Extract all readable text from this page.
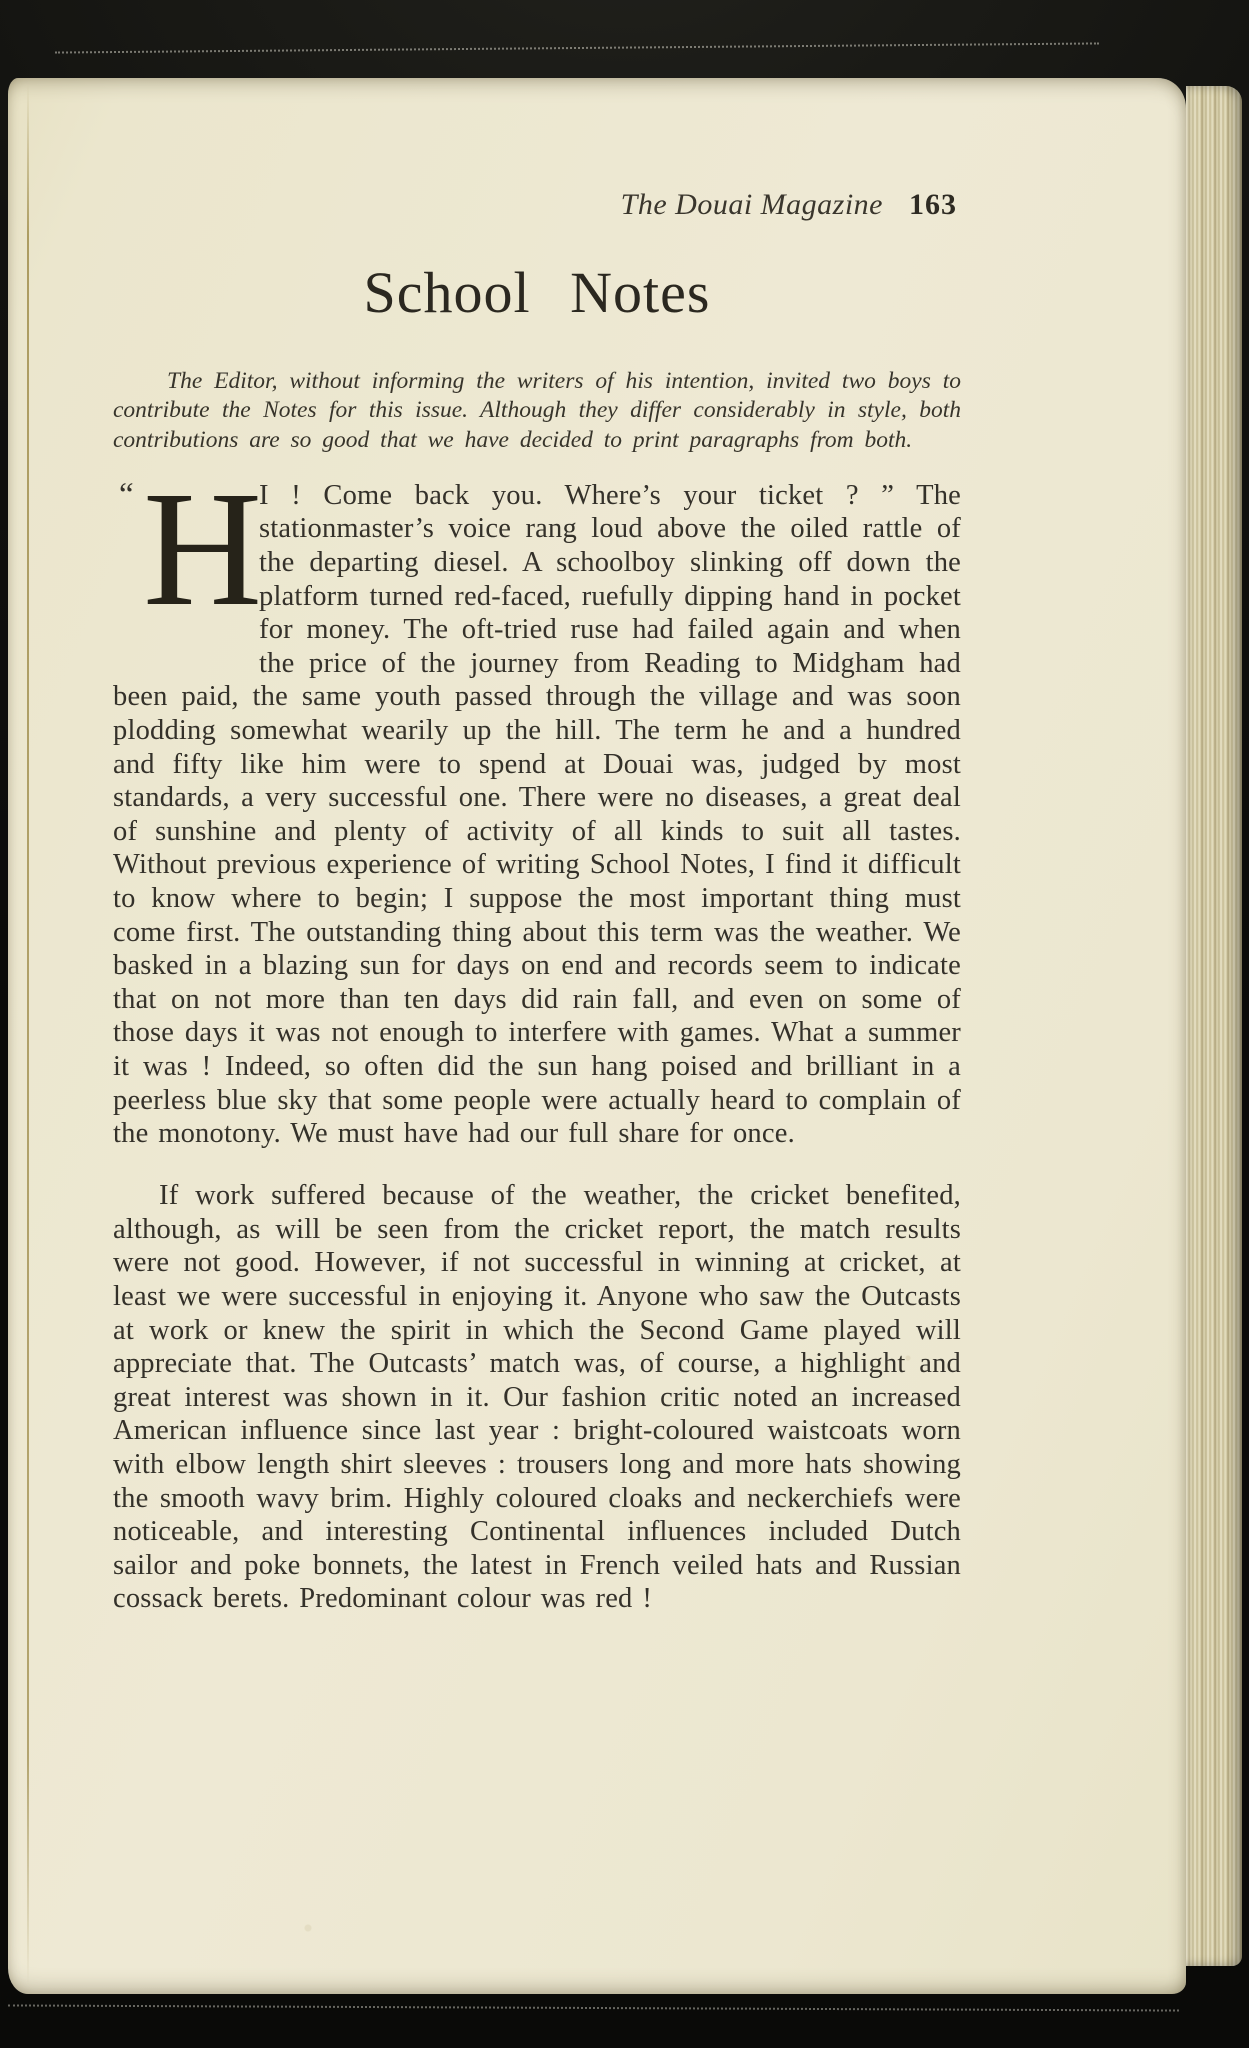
The Douai Magazine 163
School Notes

The Editor, without informing the writers of his intention, invited two boys to contribute the Notes for this issue. Although they differ considerably in style, both contributions are so good that we have decided to print paragraphs from both.

“ H
I ! Come back you. Where’s your ticket ? ” The stationmaster’s voice rang loud above the oiled rattle of the departing diesel. A schoolboy slinking off down the platform turned red-faced, ruefully dipping hand in pocket for money. The oft-tried ruse had failed again and when the price of the journey from Reading to Midgham had been paid, the same youth passed through the village and was soon plodding somewhat wearily up the hill. The term he and a hundred and fifty like him were to spend at Douai was, judged by most standards, a very successful one. There were no diseases, a great deal of sunshine and plenty of activity of all kinds to suit all tastes. Without previous experience of writing School Notes, I find it difficult to know where to begin; I suppose the most important thing must come first. The outstanding thing about this term was the weather. We basked in a blazing sun for days on end and records seem to indicate that on not more than ten days did rain fall, and even on some of those days it was not enough to interfere with games. What a summer it was ! Indeed, so often did the sun hang poised and brilliant in a peerless blue sky that some people were actually heard to complain of the monotony. We must have had our full share for once.

If work suffered because of the weather, the cricket benefited, although, as will be seen from the cricket report, the match results were not good. However, if not successful in winning at cricket, at least we were successful in enjoying it. Anyone who saw the Outcasts at work or knew the spirit in which the Second Game played will appreciate that. The Outcasts’ match was, of course, a highlight and great interest was shown in it. Our fashion critic noted an increased American influence since last year : bright-coloured waistcoats worn with elbow length shirt sleeves : trousers long and more hats showing the smooth wavy brim. Highly coloured cloaks and neckerchiefs were noticeable, and interesting Continental influences included Dutch sailor and poke bonnets, the latest in French veiled hats and Russian cossack berets. Predominant colour was red !
